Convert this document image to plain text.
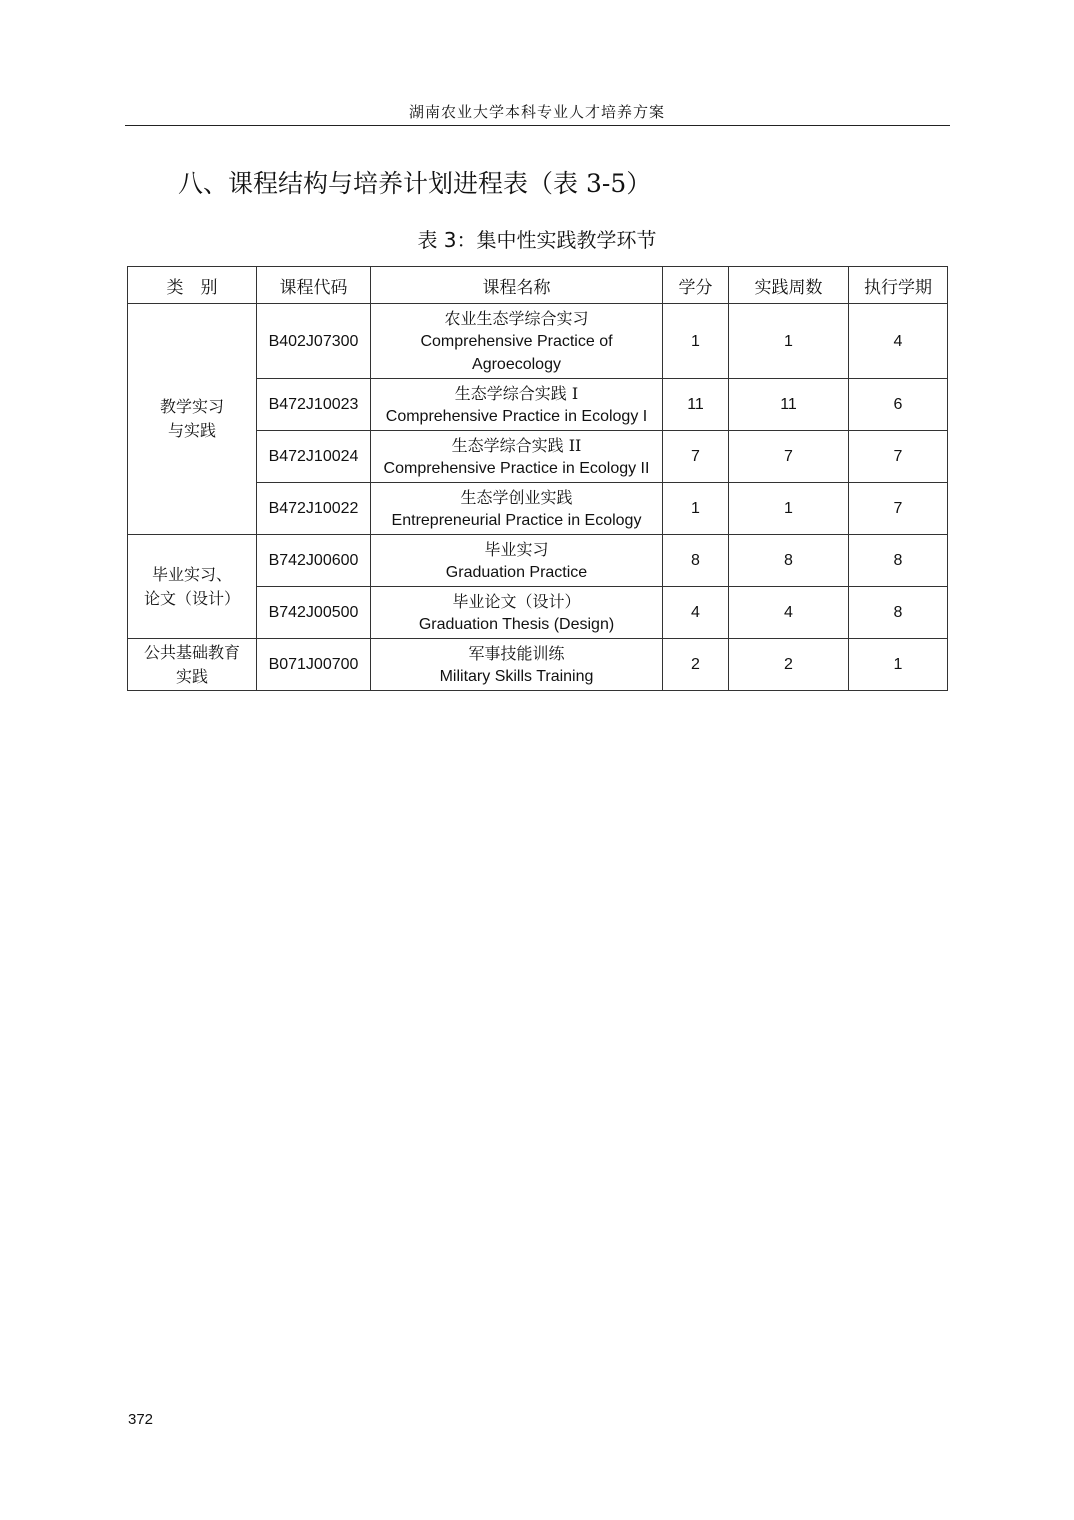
湖南农业大学本科专业人才培养方案
八、课程结构与培养计划进程表（表 3-5）
表 3：集中性实践教学环节
类　别	课程代码	课程名称	学分	实践周数	执行学期

教学实习
与实践	B402J07300	农业生态学综合实习
Comprehensive Practice of
Agroecology	1	1	4
	B472J10023	生态学综合实践 I
Comprehensive Practice in Ecology I	11	11	6
	B472J10024	生态学综合实践 II
Comprehensive Practice in Ecology II	7	7	7
	B472J10022	生态学创业实践
Entrepreneurial Practice in Ecology	1	1	7

毕业实习、
论文（设计）	B742J00600	毕业实习
Graduation Practice	8	8	8
	B742J00500	毕业论文（设计）
Graduation Thesis (Design)	4	4	8

公共基础教育
实践	B071J00700	军事技能训练
Military Skills Training	2	2	1
372
